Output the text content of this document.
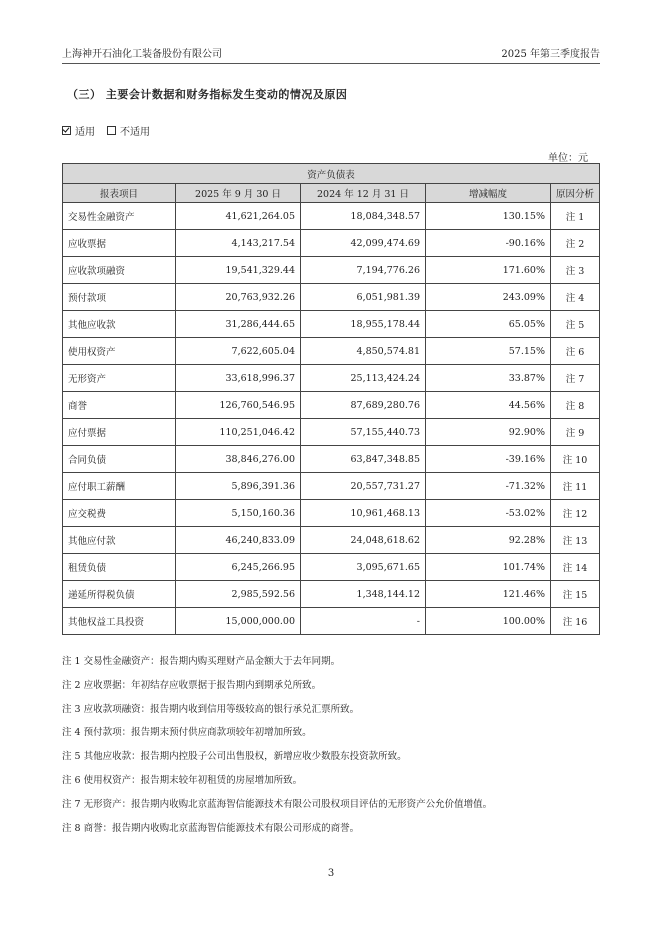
上海神开石油化工装备股份有限公司	2025 年第三季度报告
（三） 主要会计数据和财务指标发生变动的情况及原因
适用	不适用
单位：元
资产负债表				
报表项目	2025 年 9 月 30 日	2024 年 12 月 31 日	增减幅度	原因分析
交易性金融资产	41,621,264.05	18,084,348.57	130.15%	注 1
应收票据	4,143,217.54	42,099,474.69	-90.16%	注 2
应收款项融资	19,541,329.44	7,194,776.26	171.60%	注 3
预付款项	20,763,932.26	6,051,981.39	243.09%	注 4
其他应收款	31,286,444.65	18,955,178.44	65.05%	注 5
使用权资产	7,622,605.04	4,850,574.81	57.15%	注 6
无形资产	33,618,996.37	25,113,424.24	33.87%	注 7
商誉	126,760,546.95	87,689,280.76	44.56%	注 8
应付票据	110,251,046.42	57,155,440.73	92.90%	注 9
合同负债	38,846,276.00	63,847,348.85	-39.16%	注 10
应付职工薪酬	5,896,391.36	20,557,731.27	-71.32%	注 11
应交税费	5,150,160.36	10,961,468.13	-53.02%	注 12
其他应付款	46,240,833.09	24,048,618.62	92.28%	注 13
租赁负债	6,245,266.95	3,095,671.65	101.74%	注 14
递延所得税负债	2,985,592.56	1,348,144.12	121.46%	注 15
其他权益工具投资	15,000,000.00	-	100.00%	注 16
注 1 交易性金融资产：报告期内购买理财产品金额大于去年同期。
注 2 应收票据：年初结存应收票据于报告期内到期承兑所致。
注 3 应收款项融资：报告期内收到信用等级较高的银行承兑汇票所致。
注 4 预付款项：报告期末预付供应商款项较年初增加所致。
注 5 其他应收款：报告期内控股子公司出售股权，新增应收少数股东投资款所致。
注 6 使用权资产：报告期末较年初租赁的房屋增加所致。
注 7 无形资产：报告期内收购北京蓝海智信能源技术有限公司股权项目评估的无形资产公允价值增值。
注 8 商誉：报告期内收购北京蓝海智信能源技术有限公司形成的商誉。
3
